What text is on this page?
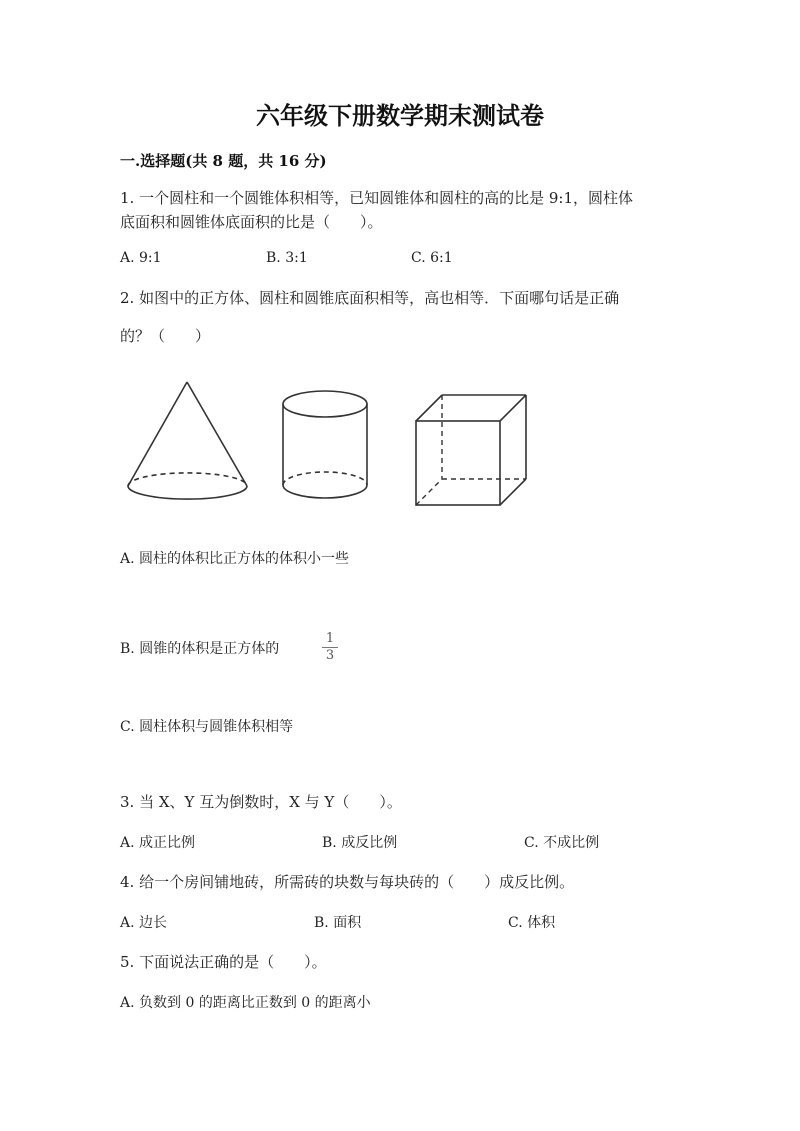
六年级下册数学期末测试卷
一.选择题(共 8 题，共 16 分)
1. 一个圆柱和一个圆锥体积相等，已知圆锥体和圆柱的高的比是 9:1，圆柱体
底面积和圆锥体底面积的比是（　　）。
A. 9:1	B. 3:1	C. 6:1
2. 如图中的正方体、圆柱和圆锥底面积相等，高也相等．下面哪句话是正确
的？（　　）
A. 圆柱的体积比正方体的体积小一些
B. 圆锥的体积是正方体的
1
3
C. 圆柱体积与圆锥体积相等
3. 当 X、Y 互为倒数时，X 与 Y（　　）。
A. 成正比例	B. 成反比例	C. 不成比例
4. 给一个房间铺地砖，所需砖的块数与每块砖的（　　）成反比例。
A. 边长	B. 面积	C. 体积
5. 下面说法正确的是（　　）。
A. 负数到 0 的距离比正数到 0 的距离小
